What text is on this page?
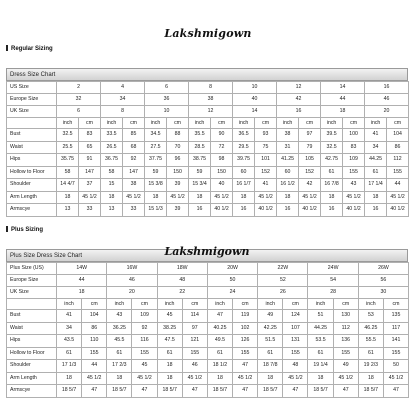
Lakshmigown
Regular Sizing
Dress Size Chart
US Size	2		4		6		8		10		12		14		16	
Europe Size	32		34		36		38		40		42		44		46	
UK Size	6		8		10		12		14		16		18		20	
	inch	cm	inch	cm	inch	cm	inch	cm	inch	cm	inch	cm	inch	cm	inch	cm
Bust	32.5	83	33.5	85	34.5	88	35.5	90	36.5	93	38	97	39.5	100	41	104
Waist	25.5	65	26.5	68	27.5	70	28.5	72	29.5	75	31	79	32.5	83	34	86
Hips	35.75	91	36.75	92	37.75	96	38.75	98	39.75	101	41.25	105	42.75	109	44.25	112
Hollow to Floor	58	147	58	147	59	150	59	150	60	152	60	152	61	155	61	155
Shoulder	14 4/7	37	15	38	15 3/8	39	15 3/4	40	16 1/7	41	16 1/2	42	16 7/8	43	17 1/4	44
Arm Length	18	45 1/2	18	45 1/2	18	45 1/2	18	45 1/2	18	45 1/2	18	45 1/2	18	45 1/2	18	45 1/2
Armscye	13	33	13	33	15 1/3	39	16	40 1/2	16	40 1/2	16	40 1/2	16	40 1/2	16	40 1/2
Plus Sizing
Plus Size Dress Size Chart	Lakshmigown
Plus Size (US)	14W		16W		18W		20W		22W		24W		26W	
Europe Size	44		46		48		50		52		54		56	
UK Size	18		20		22		24		26		28		30	
	inch	cm	inch	cm	inch	cm	inch	cm	inch	cm	inch	cm	inch	cm
Bust	41	104	43	109	45	114	47	119	49	124	51	130	53	135
Waist	34	86	36.25	92	38.25	97	40.25	102	42.25	107	44.25	112	46.25	117
Hips	43.5	110	45.5	116	47.5	121	49.5	126	51.5	131	53.5	136	55.5	141
Hollow to Floor	61	155	61	155	61	155	61	155	61	155	61	155	61	155
Shoulder	17 1/3	44	17 2/3	45	18	46	18 1/2	47	18 7/8	48	19 1/4	49	19 2/3	50
Arm Length	18	45 1/2	18	45 1/2	18	45 1/2	18	45 1/2	18	45 1/2	18	45 1/2	18	45 1/2
Armscye	18 5/7	47	18 5/7	47	18 5/7	47	18 5/7	47	18 5/7	47	18 5/7	47	18 5/7	47
